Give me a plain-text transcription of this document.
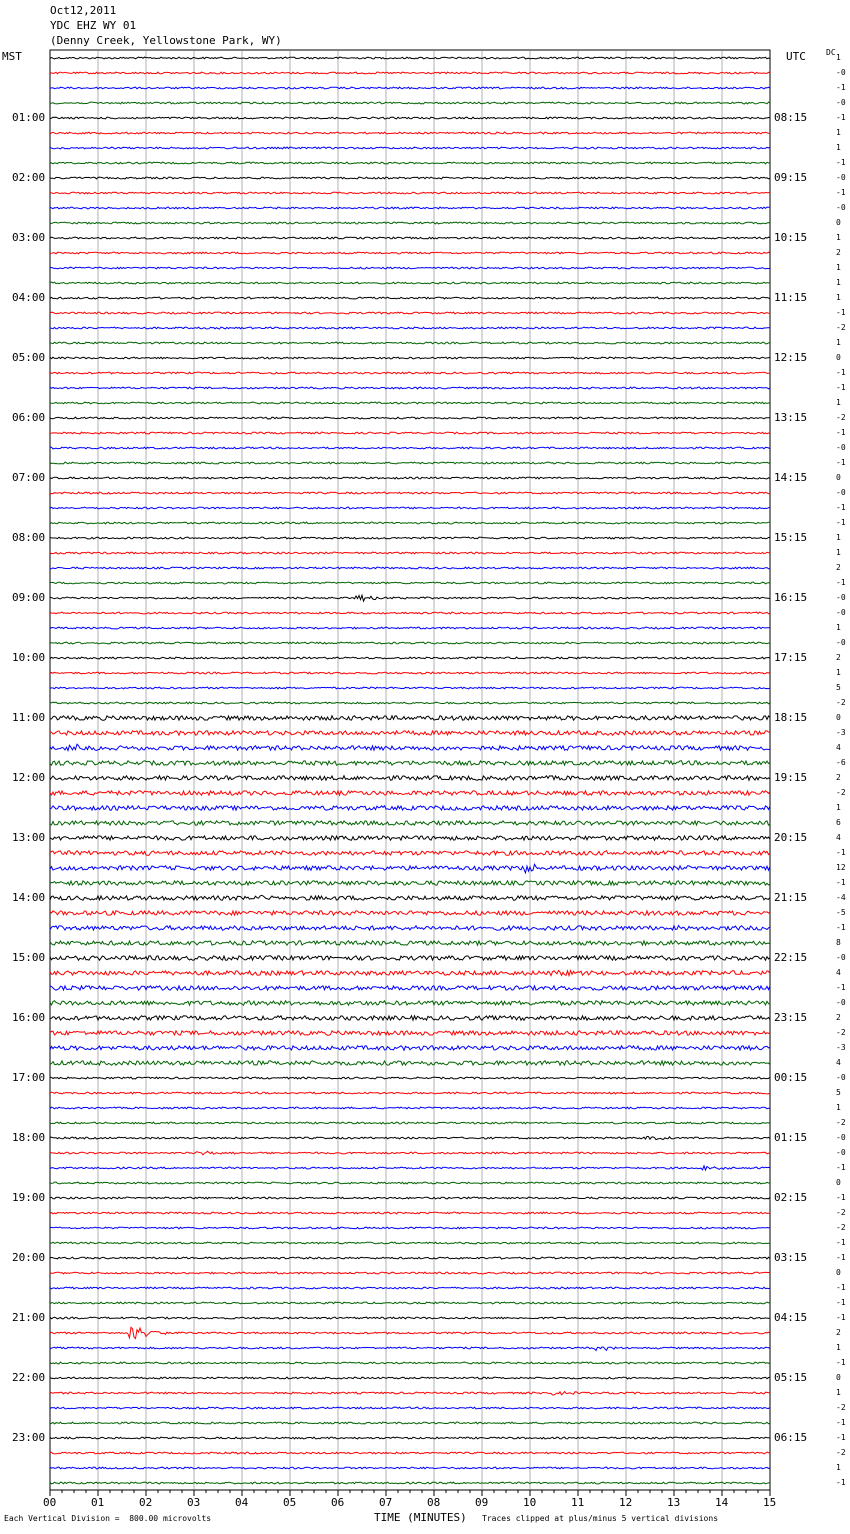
Oct12,2011
YDC EHZ WY 01
(Denny Creek, Yellowstone Park, WY)
MST	UTC	DC
1
-0
-1
-0
-1
1
1
-1
-0
-1
-0
0
1
2
1
1
1
-1
-2
1
0
-1
-1
1
-2
-1
-0
-1
0
-0
-1
-1
1
1
2
-1
-0
-0
1
-0
2
1
5
-2
0
-3
4
-6
2
-2
1
6
4
-1
12
-1
-4
-5
-1
8
-0
4
-1
-0
2
-2
-3
4
-0
5
1
-2
-0
-0
-1
0
-1
-2
-2
-1
-1
0
-1
-1
-1
2
1
-1
0
1
-2
-1
-1
-2
1
-1
01:00	08:15
02:00	09:15
03:00	10:15
04:00	11:15
05:00	12:15
06:00	13:15
07:00	14:15
08:00	15:15
09:00	16:15
10:00	17:15
11:00	18:15
12:00	19:15
13:00	20:15
14:00	21:15
15:00	22:15
16:00	23:15
17:00	00:15
18:00	01:15
19:00	02:15
20:00	03:15
21:00	04:15
22:00	05:15
23:00	06:15
00	01	02	03	04	05	06	07	08	09	10	11	12	13	14	15
Each Vertical Division =  800.00 microvolts	TIME (MINUTES) Traces clipped at plus/minus 5 vertical divisions
